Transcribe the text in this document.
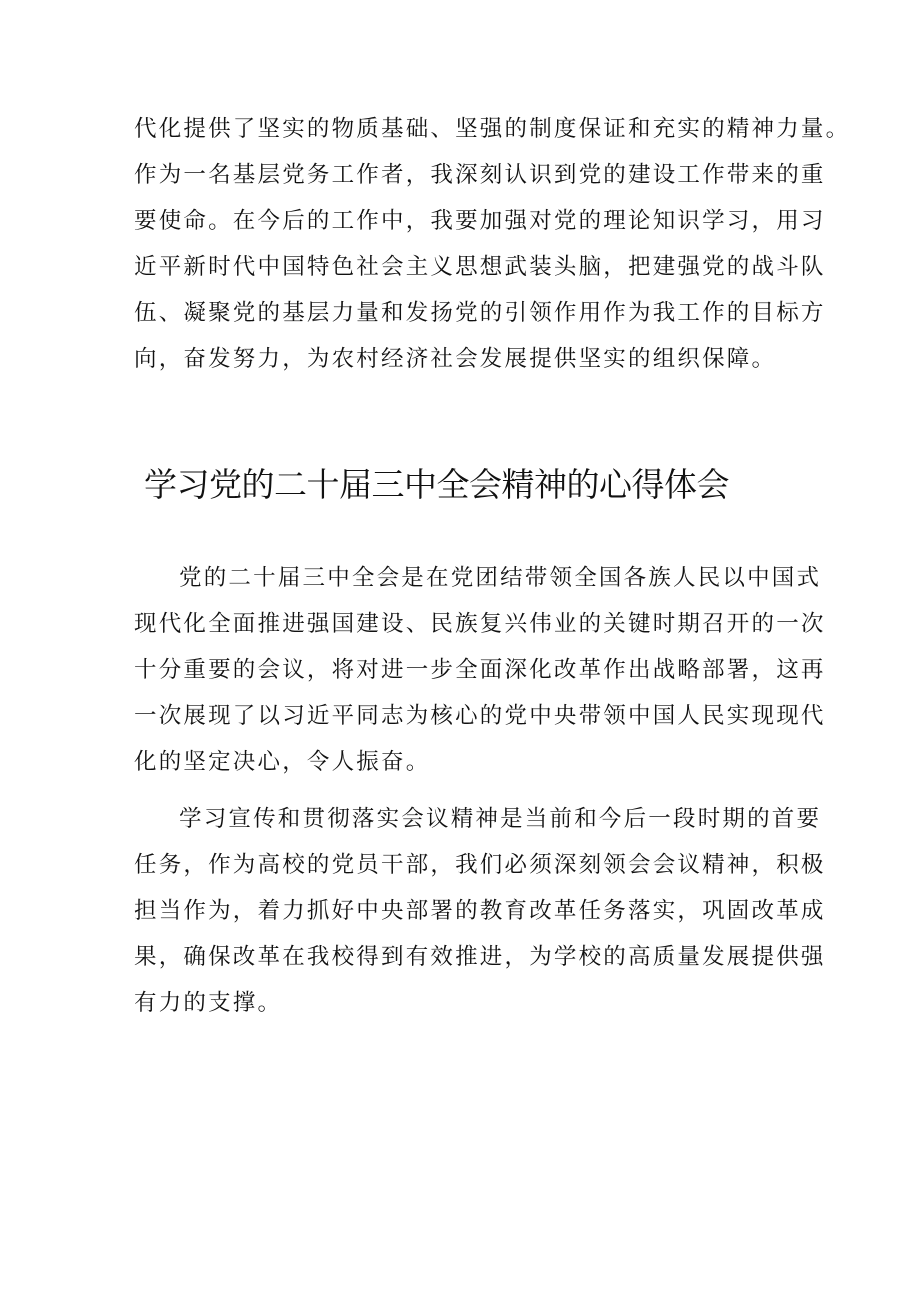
代化提供了坚实的物质基础、坚强的制度保证和充实的精神力量。
作为一名基层党务工作者，我深刻认识到党的建设工作带来的重
要使命。在今后的工作中，我要加强对党的理论知识学习，用习
近平新时代中国特色社会主义思想武装头脑，把建强党的战斗队
伍、凝聚党的基层力量和发扬党的引领作用作为我工作的目标方
向，奋发努力，为农村经济社会发展提供坚实的组织保障。
学习党的二十届三中全会精神的心得体会
党的二十届三中全会是在党团结带领全国各族人民以中国式
现代化全面推进强国建设、民族复兴伟业的关键时期召开的一次
十分重要的会议，将对进一步全面深化改革作出战略部署，这再
一次展现了以习近平同志为核心的党中央带领中国人民实现现代
化的坚定决心，令人振奋。
学习宣传和贯彻落实会议精神是当前和今后一段时期的首要
任务，作为高校的党员干部，我们必须深刻领会会议精神，积极
担当作为，着力抓好中央部署的教育改革任务落实，巩固改革成
果，确保改革在我校得到有效推进，为学校的高质量发展提供强
有力的支撑。
